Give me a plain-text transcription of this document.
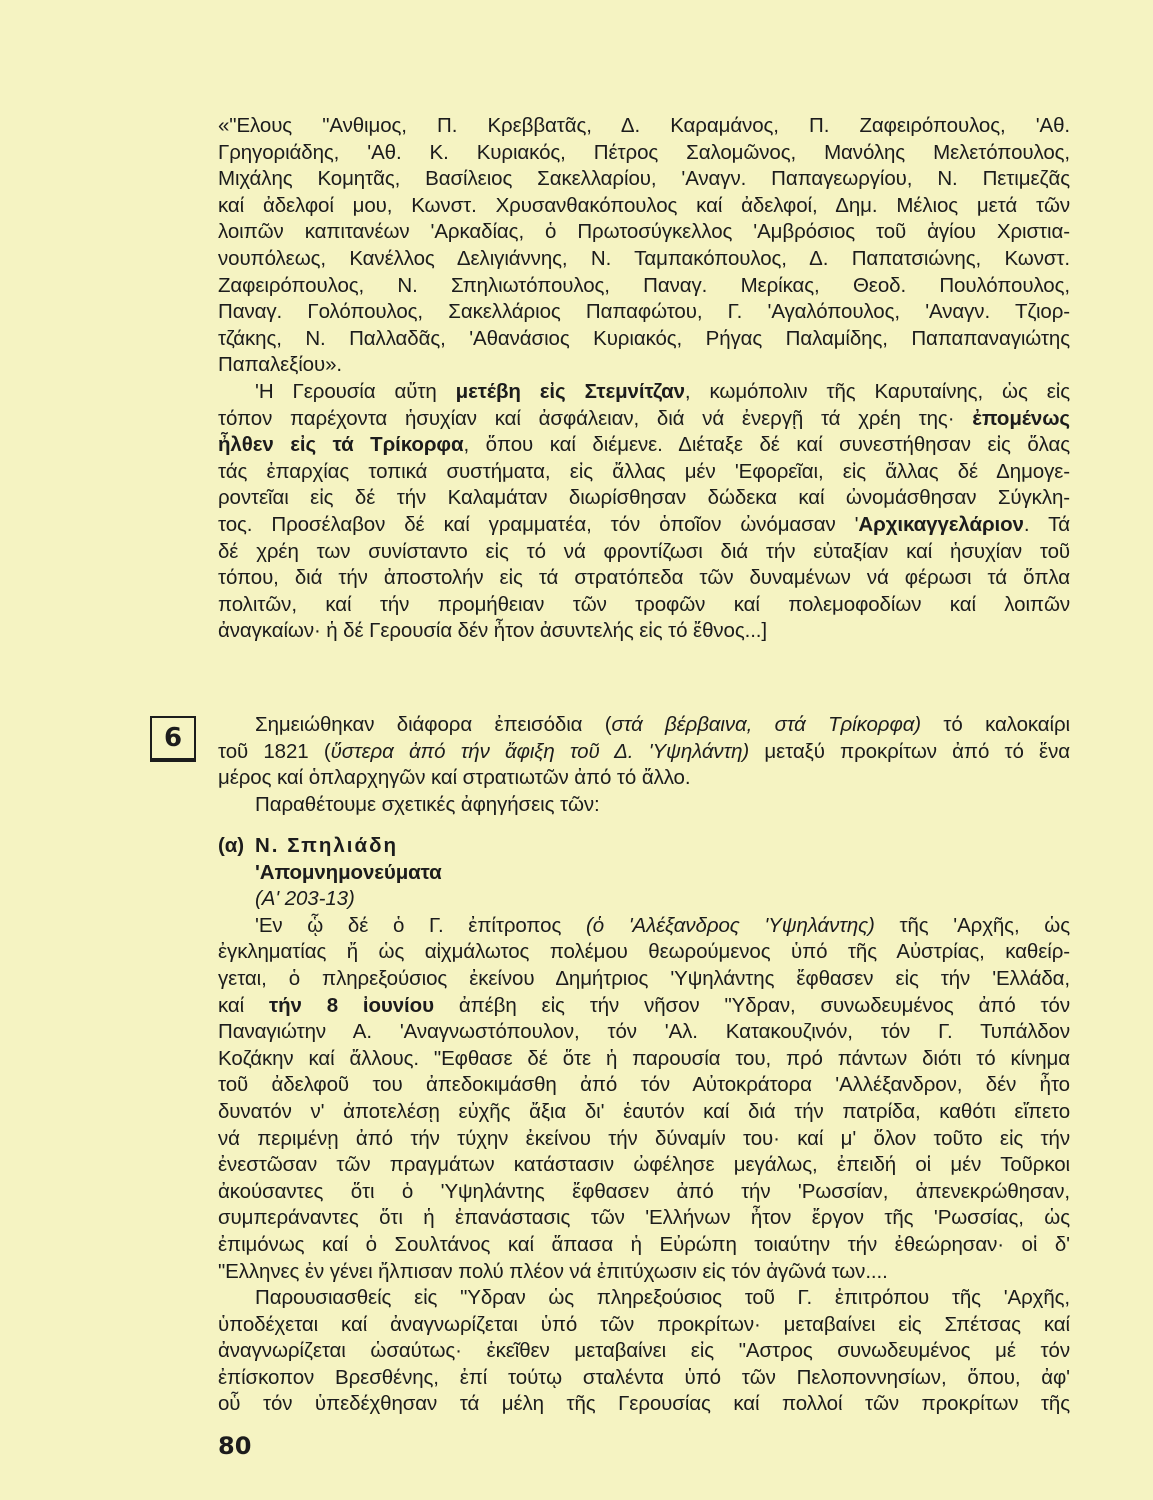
«"Ελους "Ανθιμος, Π. Κρεββατᾶς, Δ. Καραμάνος, Π. Ζαφειρόπουλος, 'Αθ.
Γρηγοριάδης, 'Αθ. Κ. Κυριακός, Πέτρος Σαλομῶνος, Μανόλης Μελετόπουλος,
Μιχάλης Κομητᾶς, Βασίλειος Σακελλαρίου, 'Αναγν. Παπαγεωργίου, Ν. Πετιμεζᾶς
καί ἀδελφοί μου, Κωνστ. Χρυσανθακόπουλος καί ἀδελφοί, Δημ. Μέλιος μετά τῶν
λοιπῶν καπιτανέων 'Αρκαδίας, ὁ Πρωτοσύγκελλος 'Αμβρόσιος τοῦ ἁγίου Χριστια-
νουπόλεως, Κανέλλος Δελιγιάννης, Ν. Ταμπακόπουλος, Δ. Παπατσιώνης, Κωνστ.
Ζαφειρόπουλος, Ν. Σπηλιωτόπουλος, Παναγ. Μερίκας, Θεοδ. Πουλόπουλος,
Παναγ. Γολόπουλος, Σακελλάριος Παπαφώτου, Γ. 'Αγαλόπουλος, 'Αναγν. Τζιορ-
τζάκης, Ν. Παλλαδᾶς, 'Αθανάσιος Κυριακός, Ρήγας Παλαμίδης, Παπαπαναγιώτης
Παπαλεξίου».
'Η Γερουσία αὔτη μετέβη εἰς Στεμνίτζαν, κωμόπολιν τῆς Καρυταίνης, ὡς εἰς
τόπον παρέχοντα ἡσυχίαν καί ἀσφάλειαν, διά νά ἐνεργῇ τά χρέη της· ἐπομένως
ἦλθεν εἰς τά Τρίκορφα, ὅπου καί διέμενε. Διέταξε δέ καί συνεστήθησαν εἰς ὅλας
τάς ἐπαρχίας τοπικά συστήματα, εἰς ἄλλας μέν 'Εφορεῖαι, εἰς ἄλλας δέ Δημογε-
ροντεῖαι εἰς δέ τήν Καλαμάταν διωρίσθησαν δώδεκα καί ὠνομάσθησαν Σύγκλη-
τος. Προσέλαβον δέ καί γραμματέα, τόν ὁποῖον ὠνόμασαν 'Αρχικαγγελάριον. Τά
δέ χρέη των συνίσταντο εἰς τό νά φροντίζωσι διά τήν εὐταξίαν καί ἡσυχίαν τοῦ
τόπου, διά τήν ἀποστολήν εἰς τά στρατόπεδα τῶν δυναμένων νά φέρωσι τά ὅπλα
πολιτῶν, καί τήν προμήθειαν τῶν τροφῶν καί πολεμοφοδίων καί λοιπῶν
ἀναγκαίων· ἡ δέ Γερουσία δέν ἦτον ἀσυντελής εἰς τό ἔθνος...]
6	Σημειώθηκαν διάφορα ἐπεισόδια (στά βέρβαινα, στά Τρίκορφα) τό καλοκαίρι
τοῦ 1821 (ὕστερα ἀπό τήν ἄφιξη τοῦ Δ. 'Υψηλάντη) μεταξύ προκρίτων ἀπό τό ἕνα
μέρος καί ὁπλαρχηγῶν καί στρατιωτῶν ἀπό τό ἄλλο.
Παραθέτουμε σχετικές ἀφηγήσεις τῶν:
(α) Ν. Σπηλιάδη
'Απομνημονεύματα
(Α' 203-13)
'Εν ᾧ δέ ὁ Γ. ἐπίτροπος (ὁ 'Αλέξανδρος 'Υψηλάντης) τῆς 'Αρχῆς, ὡς
ἐγκληματίας ἤ ὡς αἰχμάλωτος πολέμου θεωρούμενος ὑπό τῆς Αὐστρίας, καθείρ-
γεται, ὁ πληρεξούσιος ἐκείνου Δημήτριος 'Υψηλάντης ἔφθασεν εἰς τήν 'Ελλάδα,
καί τήν 8 ἰουνίου ἀπέβη εἰς τήν νῆσον "Υδραν, συνωδευμένος ἀπό τόν
Παναγιώτην Α. 'Αναγνωστόπουλον, τόν 'Αλ. Κατακουζινόν, τόν Γ. Τυπάλδον
Κοζάκην καί ἄλλους. "Εφθασε δέ ὅτε ἡ παρουσία του, πρό πάντων διότι τό κίνημα
τοῦ ἀδελφοῦ του ἀπεδοκιμάσθη ἀπό τόν Αὐτοκράτορα 'Αλλέξανδρον, δέν ἦτο
δυνατόν ν' ἀποτελέσῃ εὐχῆς ἄξια δι' ἑαυτόν καί διά τήν πατρίδα, καθότι εἴπετο
νά περιμένῃ ἀπό τήν τύχην ἐκείνου τήν δύναμίν του· καί μ' ὅλον τοῦτο εἰς τήν
ἐνεστῶσαν τῶν πραγμάτων κατάστασιν ὠφέλησε μεγάλως, ἐπειδή οἱ μέν Τοῦρκοι
ἀκούσαντες ὅτι ὁ 'Υψηλάντης ἔφθασεν ἀπό τήν 'Ρωσσίαν, ἀπενεκρώθησαν,
συμπεράναντες ὅτι ἡ ἐπανάστασις τῶν 'Ελλήνων ἦτον ἔργον τῆς 'Ρωσσίας, ὡς
ἐπιμόνως καί ὁ Σουλτάνος καί ἅπασα ἡ Εὐρώπη τοιαύτην τήν ἐθεώρησαν· οἱ δ'
"Ελληνες ἐν γένει ἤλπισαν πολύ πλέον νά ἐπιτύχωσιν εἰς τόν ἀγῶνά των....
Παρουσιασθείς εἰς "Υδραν ὡς πληρεξούσιος τοῦ Γ. ἐπιτρόπου τῆς 'Αρχῆς,
ὑποδέχεται καί ἀναγνωρίζεται ὑπό τῶν προκρίτων· μεταβαίνει εἰς Σπέτσας καί
ἀναγνωρίζεται ὡσαύτως· ἐκεῖθεν μεταβαίνει εἰς "Αστρος συνωδευμένος μέ τόν
ἐπίσκοπον Βρεσθένης, ἐπί τούτῳ σταλέντα ὑπό τῶν Πελοποννησίων, ὅπου, ἀφ'
οὗ τόν ὑπεδέχθησαν τά μέλη τῆς Γερουσίας καί πολλοί τῶν προκρίτων τῆς
80
